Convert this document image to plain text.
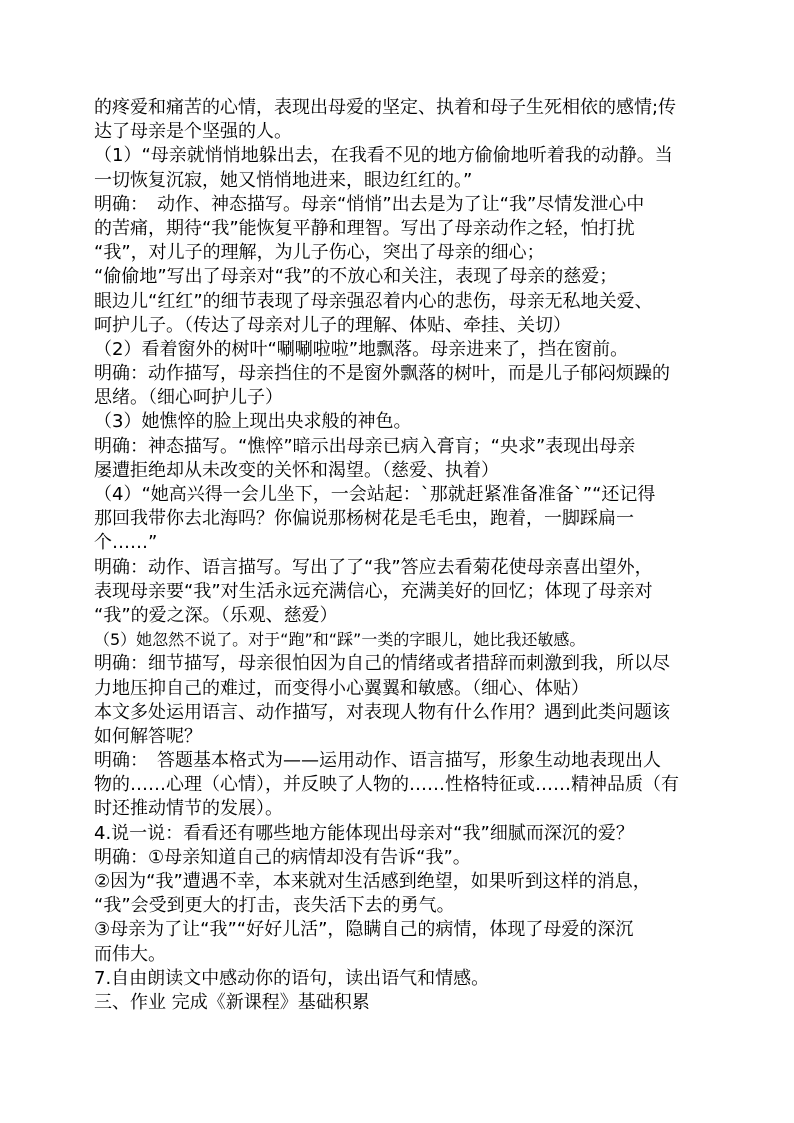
的疼爱和痛苦的心情，表现出母爱的坚定、执着和母子生死相依的感情;传
达了母亲是个坚强的人。
（1）“母亲就悄悄地躲出去，在我看不见的地方偷偷地听着我的动静。当
一切恢复沉寂，她又悄悄地进来，眼边红红的。”
明确：　动作、神态描写。母亲“悄悄”出去是为了让“我”尽情发泄心中
的苦痛，期待“我”能恢复平静和理智。写出了母亲动作之轻，怕打扰
“我”，对儿子的理解，为儿子伤心，突出了母亲的细心；
“偷偷地”写出了母亲对“我”的不放心和关注，表现了母亲的慈爱；
眼边儿“红红”的细节表现了母亲强忍着内心的悲伤，母亲无私地关爱、
呵护儿子。（传达了母亲对儿子的理解、体贴、牵挂、关切）
（2）看着窗外的树叶“唰唰啦啦”地飘落。母亲进来了，挡在窗前。
明确：动作描写，母亲挡住的不是窗外飘落的树叶，而是儿子郁闷烦躁的
思绪。（细心呵护儿子）
（3）她憔悴的脸上现出央求般的神色。
明确：神态描写。“憔悴”暗示出母亲已病入膏肓；“央求”表现出母亲
屡遭拒绝却从未改变的关怀和渴望。（慈爱、执着）
（4）“她高兴得一会儿坐下，一会站起：`那就赶紧准备准备`”“还记得
那回我带你去北海吗？你偏说那杨树花是毛毛虫，跑着，一脚踩扁一
个……”
明确：动作、语言描写。写出了了“我”答应去看菊花使母亲喜出望外，
表现母亲要“我”对生活永远充满信心，充满美好的回忆；体现了母亲对
“我”的爱之深。（乐观、慈爱）
（5）她忽然不说了。对于“跑”和“踩”一类的字眼儿，她比我还敏感。
明确：细节描写，母亲很怕因为自己的情绪或者措辞而刺激到我，所以尽
力地压抑自己的难过，而变得小心翼翼和敏感。（细心、体贴）
本文多处运用语言、动作描写，对表现人物有什么作用？遇到此类问题该
如何解答呢？
明确：　答题基本格式为——运用动作、语言描写，形象生动地表现出人
物的……心理（心情），并反映了人物的……性格特征或……精神品质（有
时还推动情节的发展）。
4.说一说：看看还有哪些地方能体现出母亲对“我”细腻而深沉的爱？
明确：①母亲知道自己的病情却没有告诉“我”。
②因为“我”遭遇不幸，本来就对生活感到绝望，如果听到这样的消息，
“我”会受到更大的打击，丧失活下去的勇气。
③母亲为了让“我”“好好儿活”，隐瞒自己的病情，体现了母爱的深沉
而伟大。
7.自由朗读文中感动你的语句，读出语气和情感。
三、作业 完成《新课程》基础积累
